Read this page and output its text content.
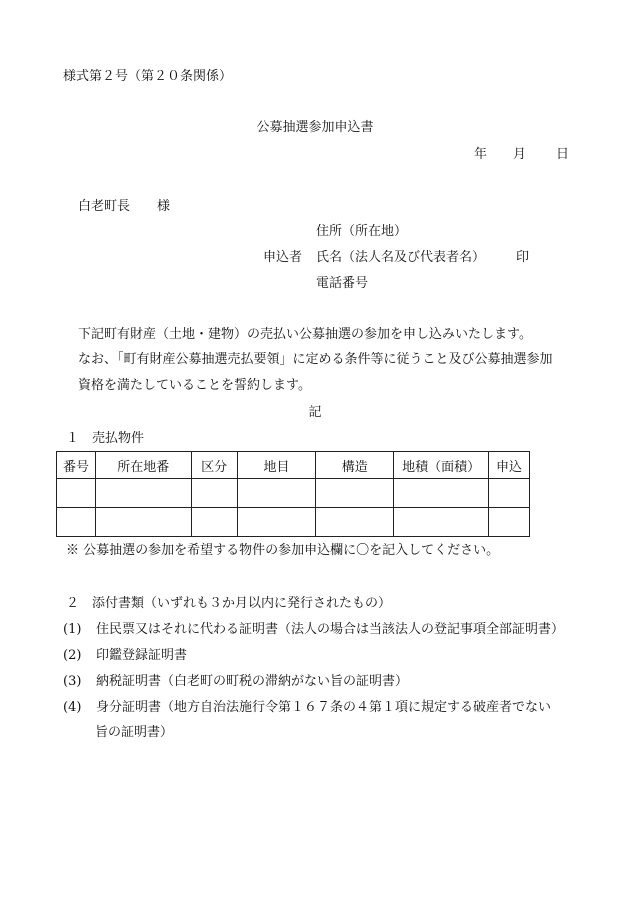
様式第２号（第２０条関係）
公募抽選参加申込書
年 月 日
白老町長 様
住所（所在地）
申込者 氏名（法人名及び代表者名） 印
電話番号
下記町有財産（土地・建物）の売払い公募抽選の参加を申し込みいたします。
なお、「町有財産公募抽選売払要領」に定める条件等に従うこと及び公募抽選参加
資格を満たしていることを誓約します。
記
１ 売払物件
番号	所在地番	区分	地目	構造	地積（面積）	申込

※ 公募抽選の参加を希望する物件の参加申込欄に〇を記入してください。
２ 添付書類（いずれも３か月以内に発行されたもの）
(1) 住民票又はそれに代わる証明書（法人の場合は当該法人の登記事項全部証明書）
(2) 印鑑登録証明書
(3) 納税証明書（白老町の町税の滞納がない旨の証明書）
(4) 身分証明書（地方自治法施行令第１６７条の４第１項に規定する破産者でない
旨の証明書）
